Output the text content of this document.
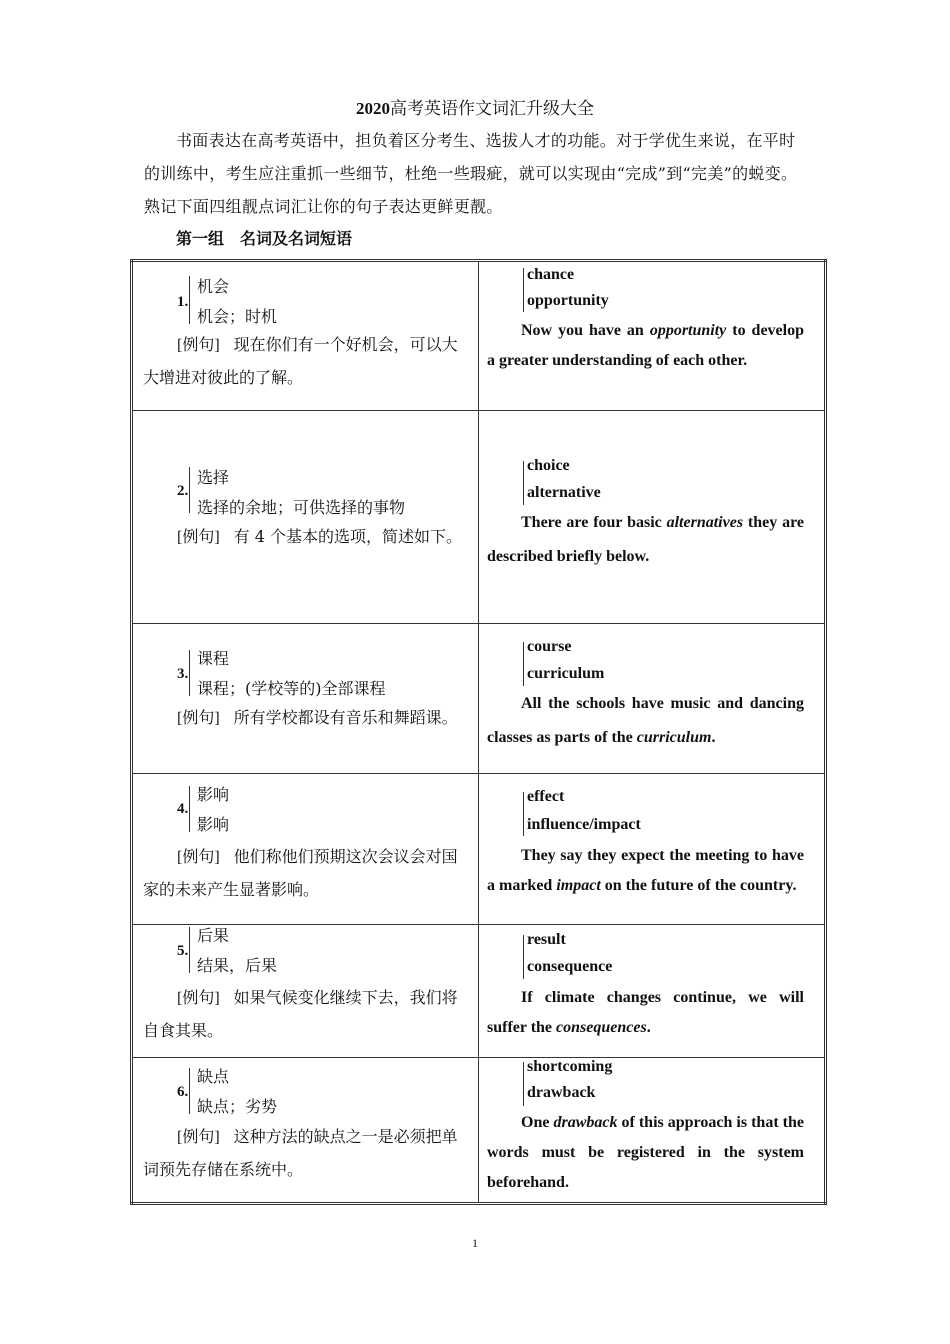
2020高考英语作文词汇升级大全
书面表达在高考英语中，担负着区分考生、选拔人才的功能。对于学优生来说，在平时的训练中，考生应注重抓一些细节，杜绝一些瑕疵，就可以实现由“完成”到“完美”的蜕变。熟记下面四组靓点词汇让你的句子表达更鲜更靓。
第一组 名词及名词短语
1.
机会
机会；时机
[例句] 现在你们有一个好机会，可以大大增进对彼此的了解。	chance
opportunity
Now you have an opportunity to develop a greater understanding of each other.

2.
选择
选择的余地；可供选择的事物
[例句] 有 4 个基本的选项，简述如下。	choice
alternative
There are four basic alternatives they are described briefly below.

3.
课程
课程；(学校等的)全部课程
[例句] 所有学校都设有音乐和舞蹈课。	course
curriculum
All the schools have music and dancing classes as parts of the curriculum.

4.
影响
影响
[例句] 他们称他们预期这次会议会对国家的未来产生显著影响。	effect
influence/impact
They say they expect the meeting to have a marked impact on the future of the country.

5.
后果
结果，后果
[例句] 如果气候变化继续下去，我们将自食其果。	result
consequence
If climate changes continue, we will suffer the consequences.

6.
缺点
缺点；劣势
[例句] 这种方法的缺点之一是必须把单词预先存储在系统中。	shortcoming
drawback
One drawback of this approach is that the words must be registered in the system beforehand.
1
